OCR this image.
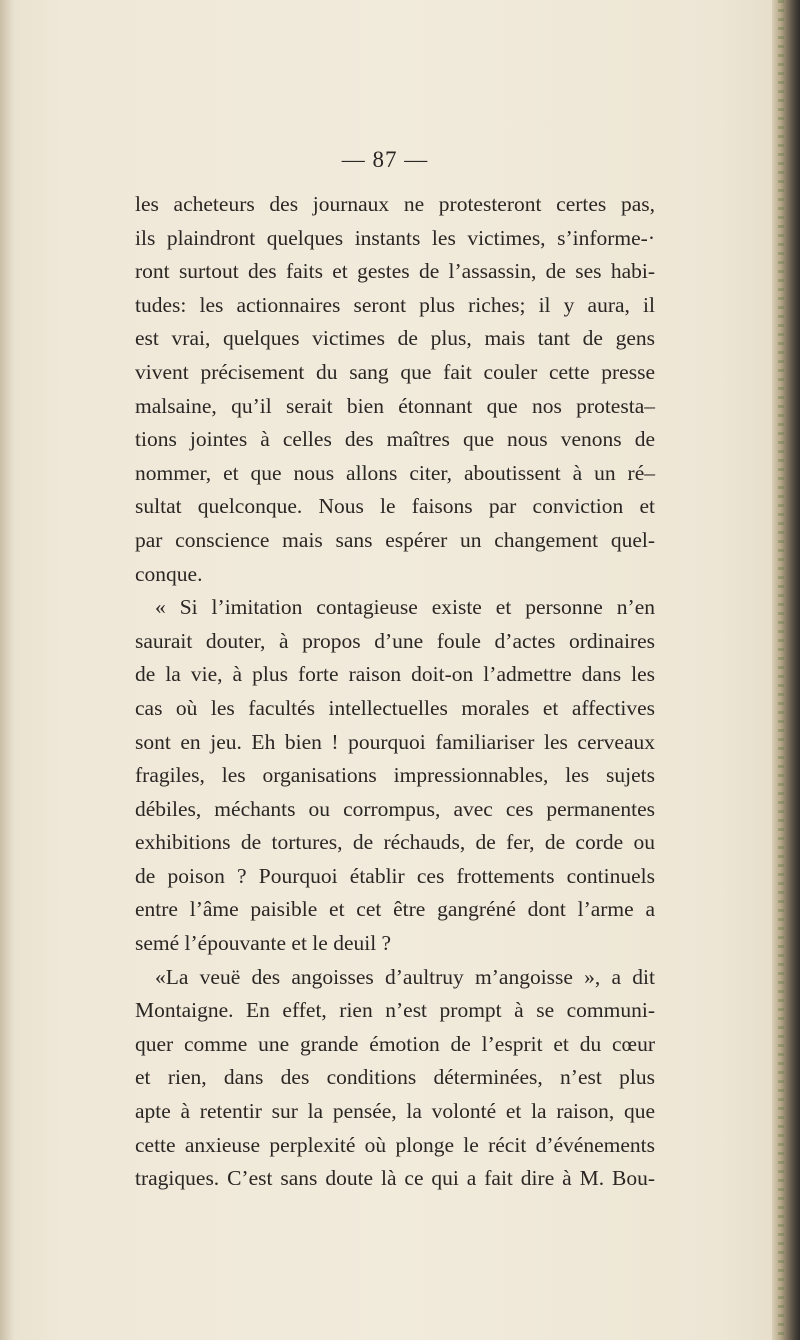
— 87 —
les acheteurs des journaux ne protesteront certes pas,
ils plaindront quelques instants les victimes, s’informe-·
ront surtout des faits et gestes de l’assassin, de ses habi-
tudes: les actionnaires seront plus riches; il y aura, il
est vrai, quelques victimes de plus, mais tant de gens
vivent précisement du sang que fait couler cette presse
malsaine, qu’il serait bien étonnant que nos protesta–
tions jointes à celles des maîtres que nous venons de
nommer, et que nous allons citer, aboutissent à un ré–
sultat quelconque. Nous le faisons par conviction et
par conscience mais sans espérer un changement quel-
conque.
« Si l’imitation contagieuse existe et personne n’en
saurait douter, à propos d’une foule d’actes ordinaires
de la vie, à plus forte raison doit-on l’admettre dans les
cas où les facultés intellectuelles morales et affectives
sont en jeu. Eh bien ! pourquoi familiariser les cerveaux
fragiles, les organisations impressionnables, les sujets
débiles, méchants ou corrompus, avec ces permanentes
exhibitions de tortures, de réchauds, de fer, de corde ou
de poison ? Pourquoi établir ces frottements continuels
entre l’âme paisible et cet être gangréné dont l’arme a
semé l’épouvante et le deuil ?
«La veuë des angoisses d’aultruy m’angoisse », a dit
Montaigne. En effet, rien n’est prompt à se communi-
quer comme une grande émotion de l’esprit et du cœur
et rien, dans des conditions déterminées, n’est plus
apte à retentir sur la pensée, la volonté et la raison, que
cette anxieuse perplexité où plonge le récit d’événements
tragiques. C’est sans doute là ce qui a fait dire à M. Bou-
